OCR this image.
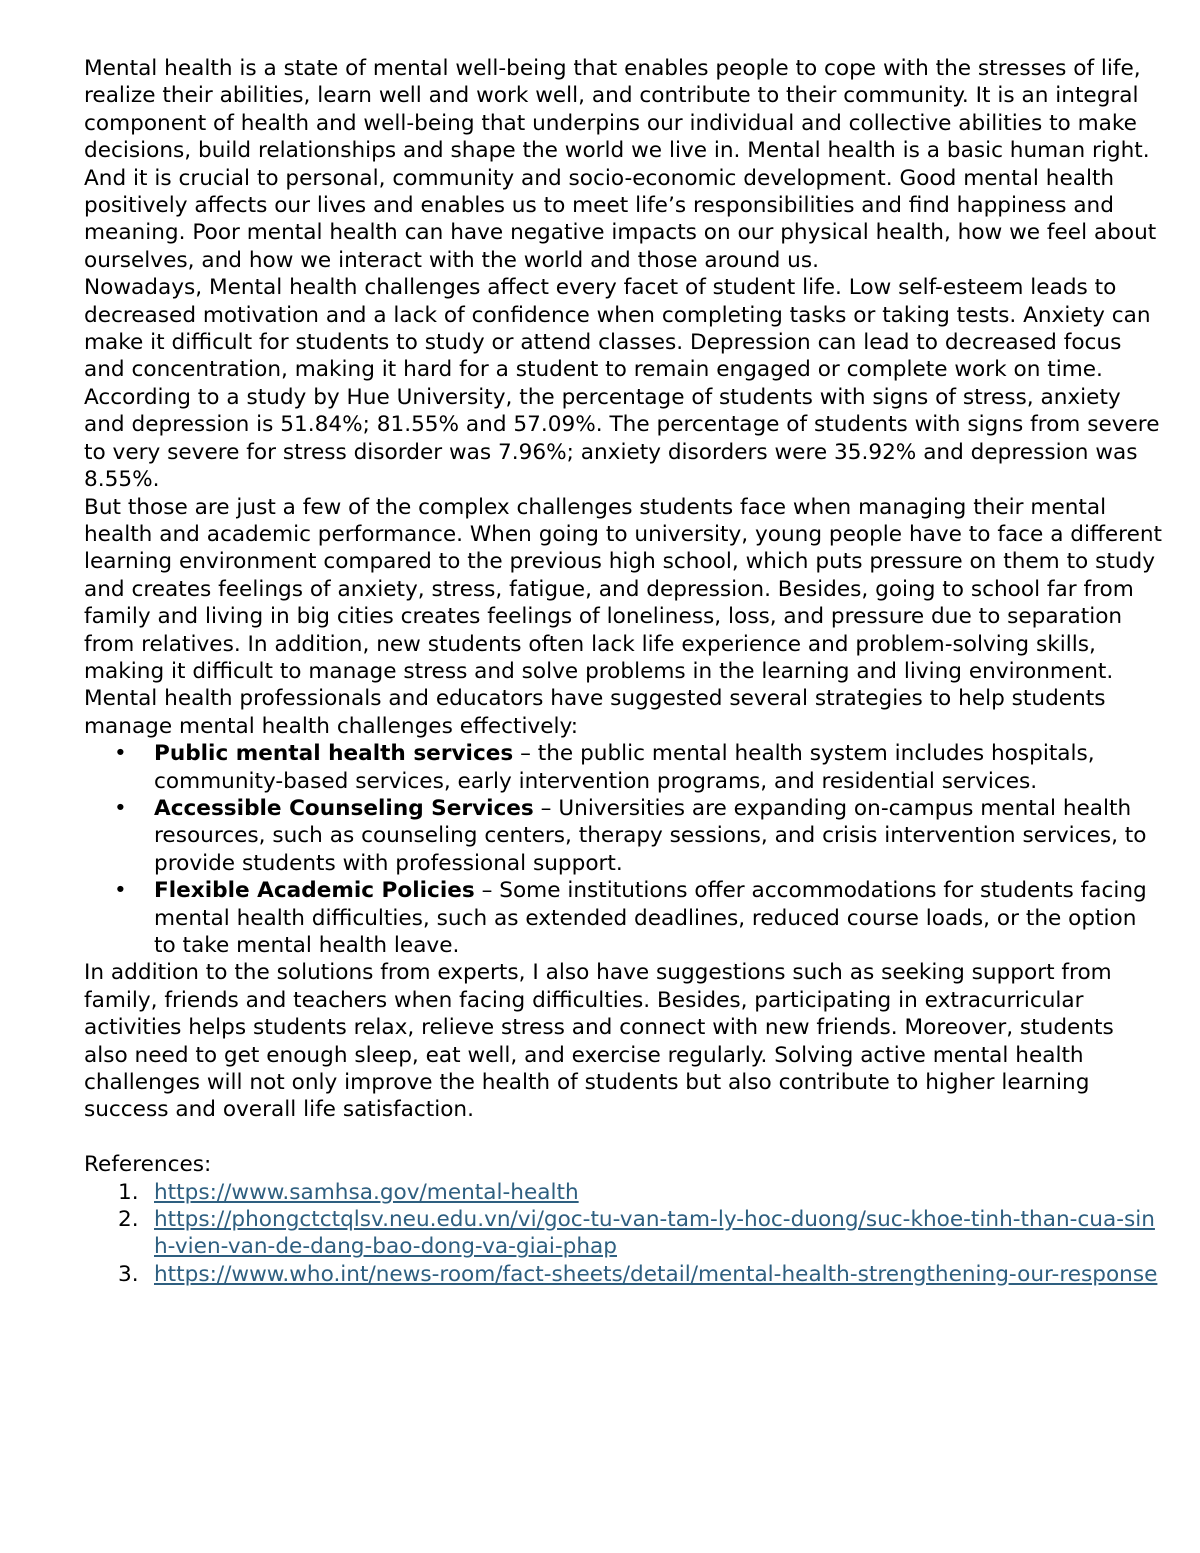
Mental health is a state of mental well-being that enables people to cope with the stresses of life, realize their abilities, learn well and work well, and contribute to their community. It is an integral component of health and well-being that underpins our individual and collective abilities to make decisions, build relationships and shape the world we live in. Mental health is a basic human right. And it is crucial to personal, community and socio-economic development. Good mental health positively affects our lives and enables us to meet life’s responsibilities and find happiness and meaning. Poor mental health can have negative impacts on our physical health, how we feel about ourselves, and how we interact with the world and those around us.

Nowadays, Mental health challenges affect every facet of student life. Low self-esteem leads to decreased motivation and a lack of confidence when completing tasks or taking tests. Anxiety can make it difficult for students to study or attend classes. Depression can lead to decreased focus and concentration, making it hard for a student to remain engaged or complete work on time. According to a study by Hue University, the percentage of students with signs of stress, anxiety and depression is 51.84%; 81.55% and 57.09%. The percentage of students with signs from severe to very severe for stress disorder was 7.96%; anxiety disorders were 35.92% and depression was 8.55%.

But those are just a few of the complex challenges students face when managing their mental health and academic performance. When going to university, young people have to face a different learning environment compared to the previous high school, which puts pressure on them to study and creates feelings of anxiety, stress, fatigue, and depression. Besides, going to school far from family and living in big cities creates feelings of loneliness, loss, and pressure due to separation from relatives. In addition, new students often lack life experience and problem-solving skills, making it difficult to manage stress and solve problems in the learning and living environment.

Mental health professionals and educators have suggested several strategies to help students manage mental health challenges effectively:

•	Public mental health services – the public mental health system includes hospitals, community-based services, early intervention programs, and residential services.
•	Accessible Counseling Services – Universities are expanding on-campus mental health resources, such as counseling centers, therapy sessions, and crisis intervention services, to provide students with professional support.
•	Flexible Academic Policies – Some institutions offer accommodations for students facing mental health difficulties, such as extended deadlines, reduced course loads, or the option to take mental health leave.

In addition to the solutions from experts, I also have suggestions such as seeking support from family, friends and teachers when facing difficulties. Besides, participating in extracurricular activities helps students relax, relieve stress and connect with new friends. Moreover, students also need to get enough sleep, eat well, and exercise regularly. Solving active mental health challenges will not only improve the health of students but also contribute to higher learning success and overall life satisfaction.

References:

1. https://www.samhsa.gov/mental-health
2. https://phongctctqlsv.neu.edu.vn/vi/goc-tu-van-tam-ly-hoc-duong/suc-khoe-tinh-than-cua-sinh-vien-van-de-dang-bao-dong-va-giai-phap
3. https://www.who.int/news-room/fact-sheets/detail/mental-health-strengthening-our-response
